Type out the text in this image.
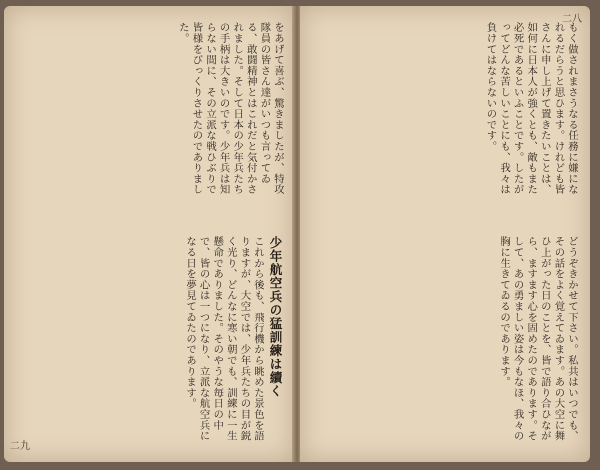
をあげて喜ぶ、驚きましたが、特攻隊員の皆さん達がいつも言ってゐる、敢闘精神とはこれだと気付かされました。そして日本の少年兵たちの手柄は大きいのです。少年兵は知らない間に、その立派な戦ひぶりで皆様をびっくりさせたのでありました。
これから後も、飛行機から眺めた景色を語りますが、大空では、少年兵たちの目が鋭く光り、どんなに寒い朝でも、訓練に一生懸命でありました。そのやうな毎日の中で、皆の心は一つになり、立派な航空兵になる日を夢見てゐたのであります。	少年航空兵の猛訓練は續く
二九
二八
もく做されまさうなる任務に嫌になれるだらうと思ひます。けれども皆さんに申し上げて置きたいことは、如何に日本人が強くとも、敵もまた必死であるといふことです。したがってどんな苦しいことにも、我々は負けてはならないのです。
どうぞきかせて下さい。私共はいつでも、その話をよく覚えてゐます。あの大空に舞ひ上がった日のことを、皆で語り合ひながら、ますます心を固めたのであります。そして、あの勇ましい姿は今もなほ、我々の胸に生きてゐるのであります。
